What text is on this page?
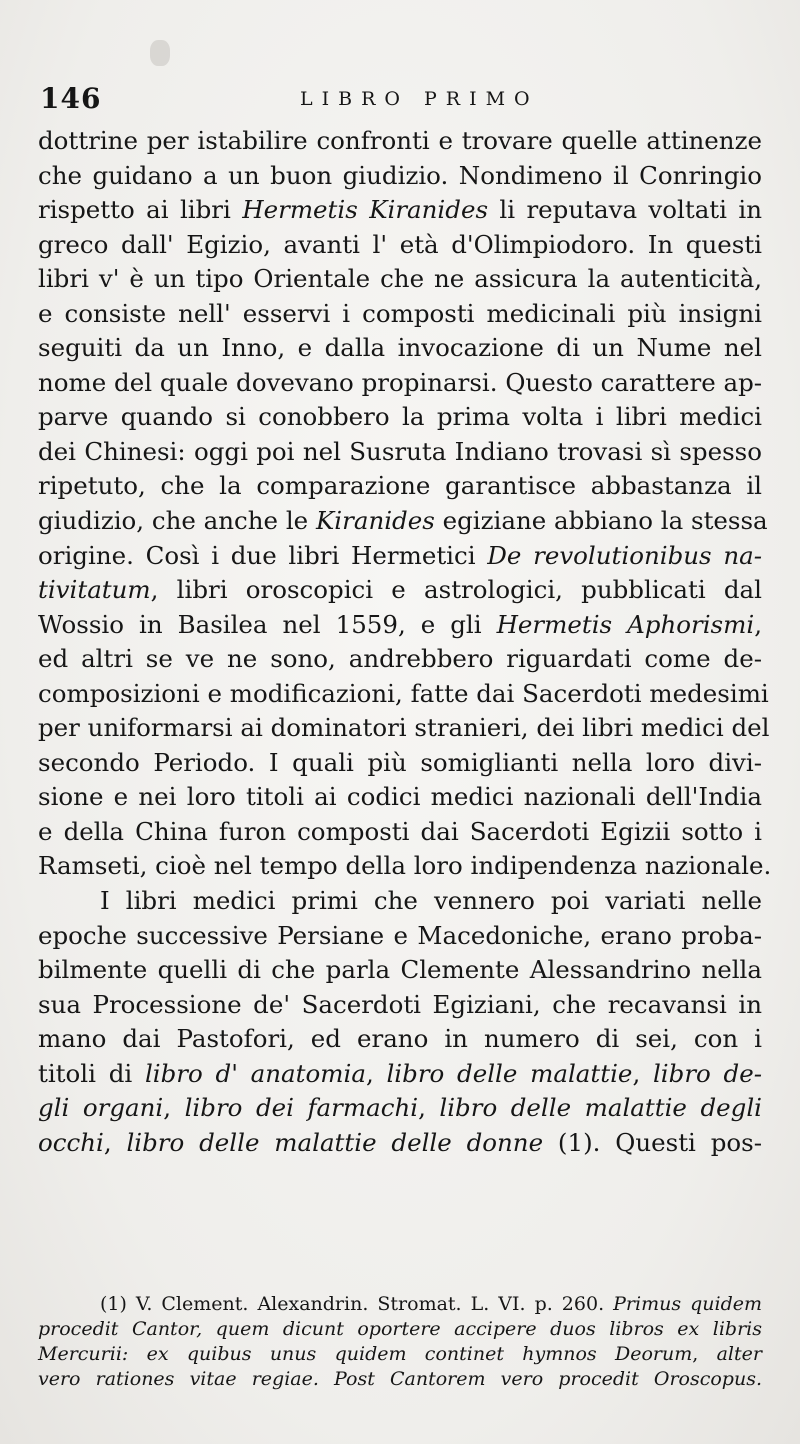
146	LIBRO PRIMO
dottrine per istabilire confronti e trovare quelle attinenze
che guidano a un buon giudizio. Nondimeno il Conringio
rispetto ai libri Hermetis Kiranides li reputava voltati in
greco dall' Egizio, avanti l' età d'Olimpiodoro. In questi
libri v' è un tipo Orientale che ne assicura la autenticità,
e consiste nell' esservi i composti medicinali più insigni
seguiti da un Inno, e dalla invocazione di un Nume nel
nome del quale dovevano propinarsi. Questo carattere ap-
parve quando si conobbero la prima volta i libri medici
dei Chinesi: oggi poi nel Susruta Indiano trovasi sì spesso
ripetuto, che la comparazione garantisce abbastanza il
giudizio, che anche le Kiranides egiziane abbiano la stessa
origine. Così i due libri Hermetici De revolutionibus na-
tivitatum, libri oroscopici e astrologici, pubblicati dal
Wossio in Basilea nel 1559, e gli Hermetis Aphorismi,
ed altri se ve ne sono, andrebbero riguardati come de-
composizioni e modificazioni, fatte dai Sacerdoti medesimi
per uniformarsi ai dominatori stranieri, dei libri medici del
secondo Periodo. I quali più somiglianti nella loro divi-
sione e nei loro titoli ai codici medici nazionali dell'India
e della China furon composti dai Sacerdoti Egizii sotto i
Ramseti, cioè nel tempo della loro indipendenza nazionale.
I libri medici primi che vennero poi variati nelle
epoche successive Persiane e Macedoniche, erano proba-
bilmente quelli di che parla Clemente Alessandrino nella
sua Processione de' Sacerdoti Egiziani, che recavansi in
mano dai Pastofori, ed erano in numero di sei, con i
titoli di libro d' anatomia, libro delle malattie, libro de-
gli organi, libro dei farmachi, libro delle malattie degli
occhi, libro delle malattie delle donne (1). Questi pos-

(1) V. Clement. Alexandrin. Stromat. L. VI. p. 260. Primus quidem
procedit Cantor, quem dicunt oportere accipere duos libros ex libris
Mercurii: ex quibus unus quidem continet hymnos Deorum, alter
vero rationes vitae regiae. Post Cantorem vero procedit Oroscopus.
